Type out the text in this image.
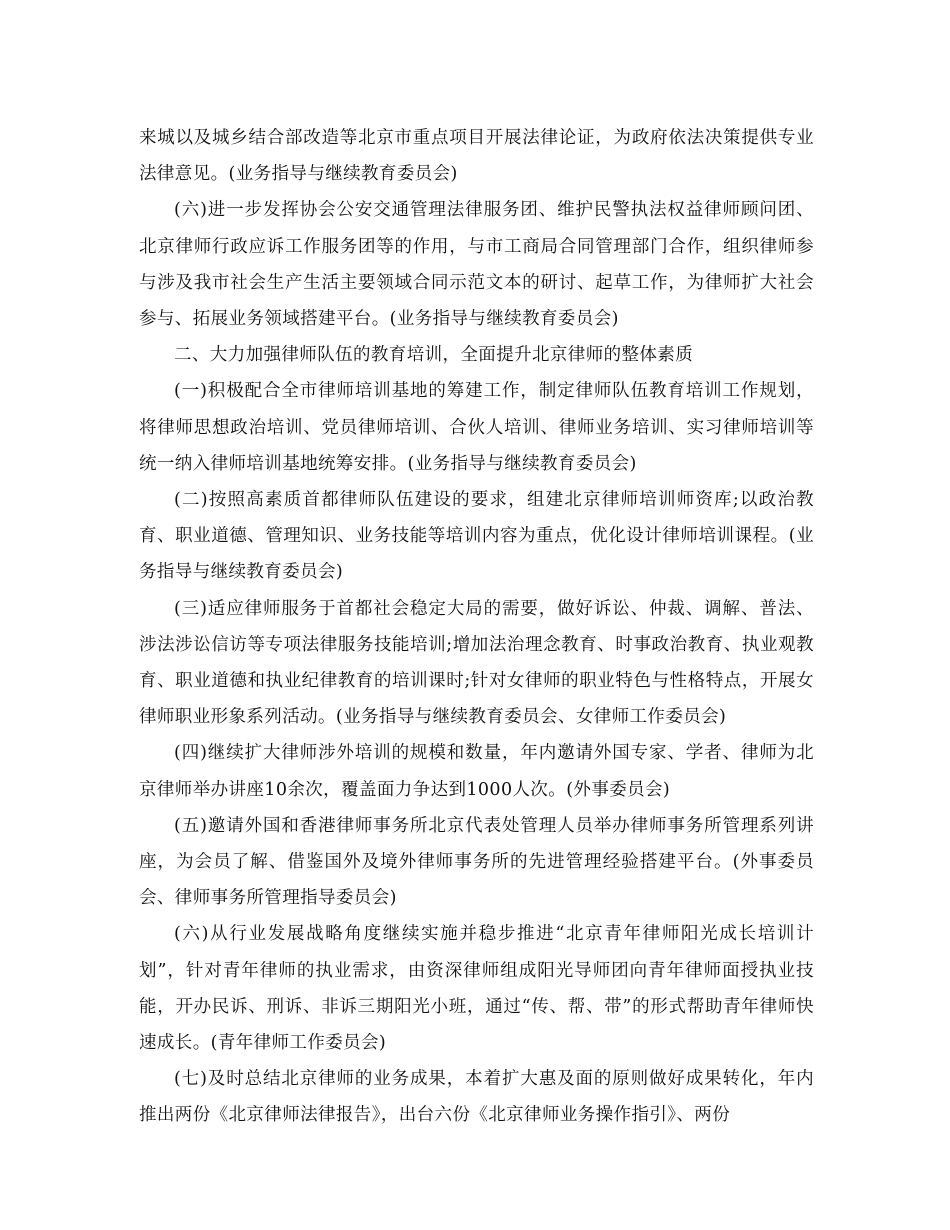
来城以及城乡结合部改造等北京市重点项目开展法律论证，为政府依法决策提供专业法律意见。(业务指导与继续教育委员会)

(六)进一步发挥协会公安交通管理法律服务团、维护民警执法权益律师顾问团、北京律师行政应诉工作服务团等的作用，与市工商局合同管理部门合作，组织律师参与涉及我市社会生产生活主要领域合同示范文本的研讨、起草工作，为律师扩大社会参与、拓展业务领域搭建平台。(业务指导与继续教育委员会)

二、大力加强律师队伍的教育培训，全面提升北京律师的整体素质

(一)积极配合全市律师培训基地的筹建工作，制定律师队伍教育培训工作规划，将律师思想政治培训、党员律师培训、合伙人培训、律师业务培训、实习律师培训等统一纳入律师培训基地统筹安排。(业务指导与继续教育委员会)

(二)按照高素质首都律师队伍建设的要求，组建北京律师培训师资库;以政治教育、职业道德、管理知识、业务技能等培训内容为重点，优化设计律师培训课程。(业务指导与继续教育委员会)

(三)适应律师服务于首都社会稳定大局的需要，做好诉讼、仲裁、调解、普法、涉法涉讼信访等专项法律服务技能培训;增加法治理念教育、时事政治教育、执业观教育、职业道德和执业纪律教育的培训课时;针对女律师的职业特色与性格特点，开展女律师职业形象系列活动。(业务指导与继续教育委员会、女律师工作委员会)

(四)继续扩大律师涉外培训的规模和数量，年内邀请外国专家、学者、律师为北京律师举办讲座10余次，覆盖面力争达到1000人次。(外事委员会)

(五)邀请外国和香港律师事务所北京代表处管理人员举办律师事务所管理系列讲座，为会员了解、借鉴国外及境外律师事务所的先进管理经验搭建平台。(外事委员会、律师事务所管理指导委员会)

(六)从行业发展战略角度继续实施并稳步推进“北京青年律师阳光成长培训计划”，针对青年律师的执业需求，由资深律师组成阳光导师团向青年律师面授执业技能，开办民诉、刑诉、非诉三期阳光小班，通过“传、帮、带”的形式帮助青年律师快速成长。(青年律师工作委员会)

(七)及时总结北京律师的业务成果，本着扩大惠及面的原则做好成果转化，年内推出两份《北京律师法律报告》，出台六份《北京律师业务操作指引》、两份
